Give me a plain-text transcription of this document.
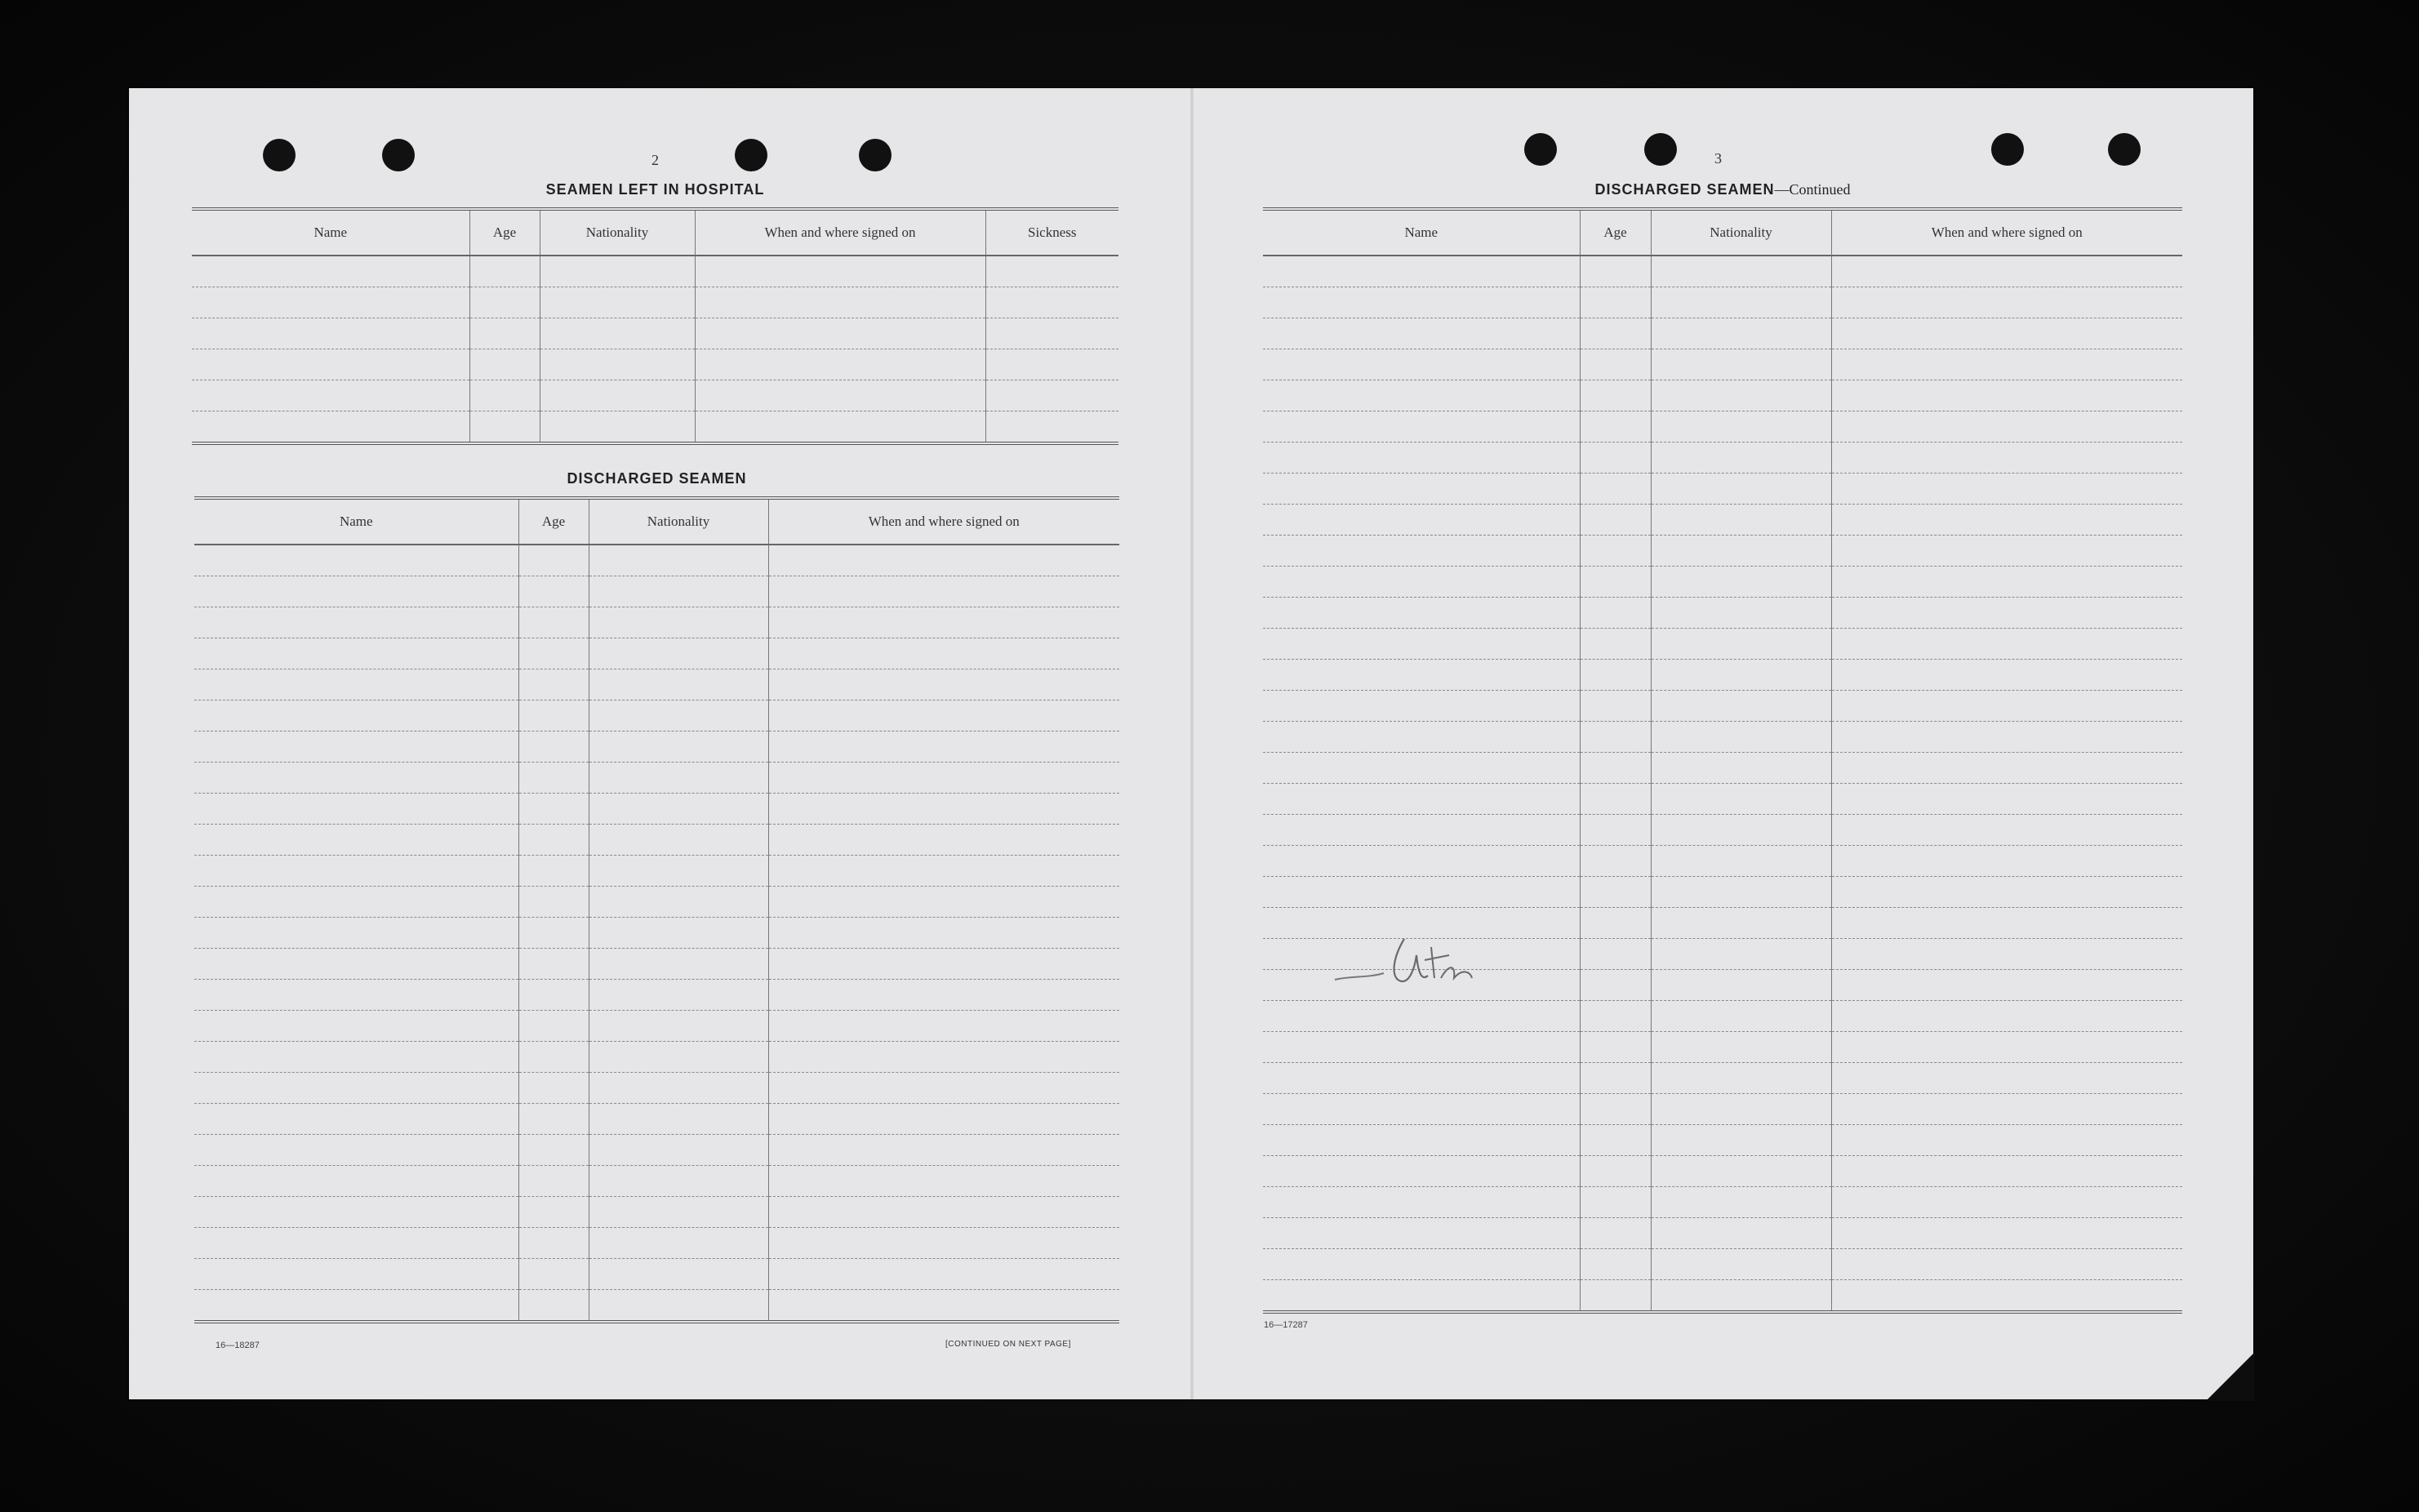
2
SEAMEN LEFT IN HOSPITAL
Name	Age	Nationality	When and where signed on	Sickness

DISCHARGED SEAMEN
Name	Age	Nationality	When and where signed on

16—18287	[CONTINUED ON NEXT PAGE]
3
DISCHARGED SEAMEN—Continued
Name	Age	Nationality	When and where signed on

16—17287
